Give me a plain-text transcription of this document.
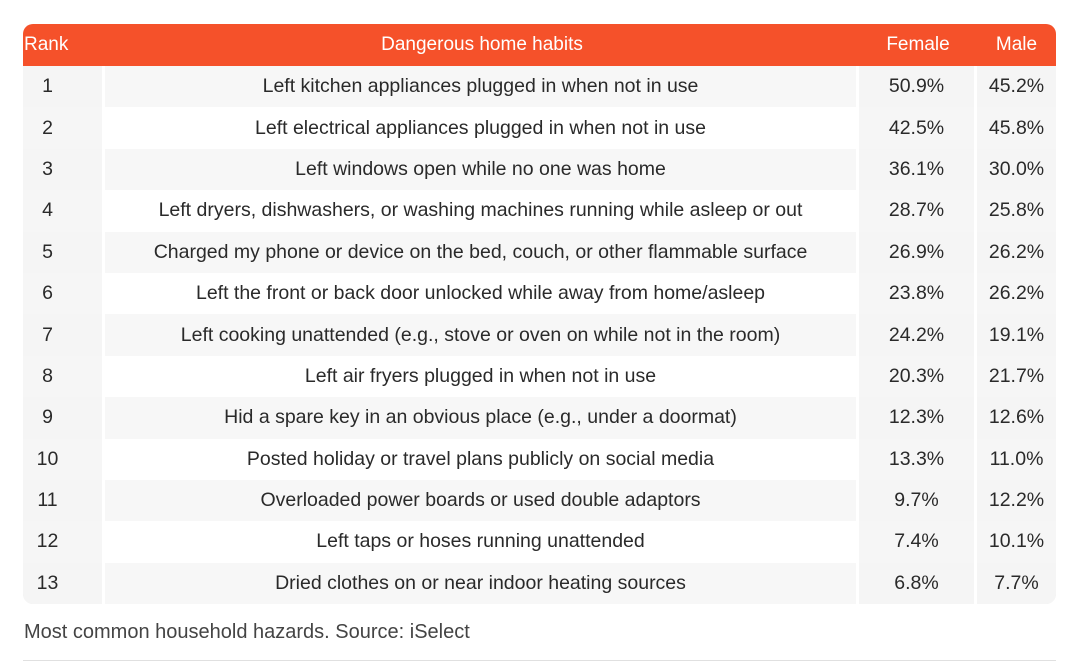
Rank	Dangerous home habits	Female	Male
1	Left kitchen appliances plugged in when not in use	50.9%	45.2%
2	Left electrical appliances plugged in when not in use	42.5%	45.8%
3	Left windows open while no one was home	36.1%	30.0%
4	Left dryers, dishwashers, or washing machines running while asleep or out	28.7%	25.8%
5	Charged my phone or device on the bed, couch, or other flammable surface	26.9%	26.2%
6	Left the front or back door unlocked while away from home/asleep	23.8%	26.2%
7	Left cooking unattended (e.g., stove or oven on while not in the room)	24.2%	19.1%
8	Left air fryers plugged in when not in use	20.3%	21.7%
9	Hid a spare key in an obvious place (e.g., under a doormat)	12.3%	12.6%
10	Posted holiday or travel plans publicly on social media	13.3%	11.0%
11	Overloaded power boards or used double adaptors	9.7%	12.2%
12	Left taps or hoses running unattended	7.4%	10.1%
13	Dried clothes on or near indoor heating sources	6.8%	7.7%
Most common household hazards. Source: iSelect
